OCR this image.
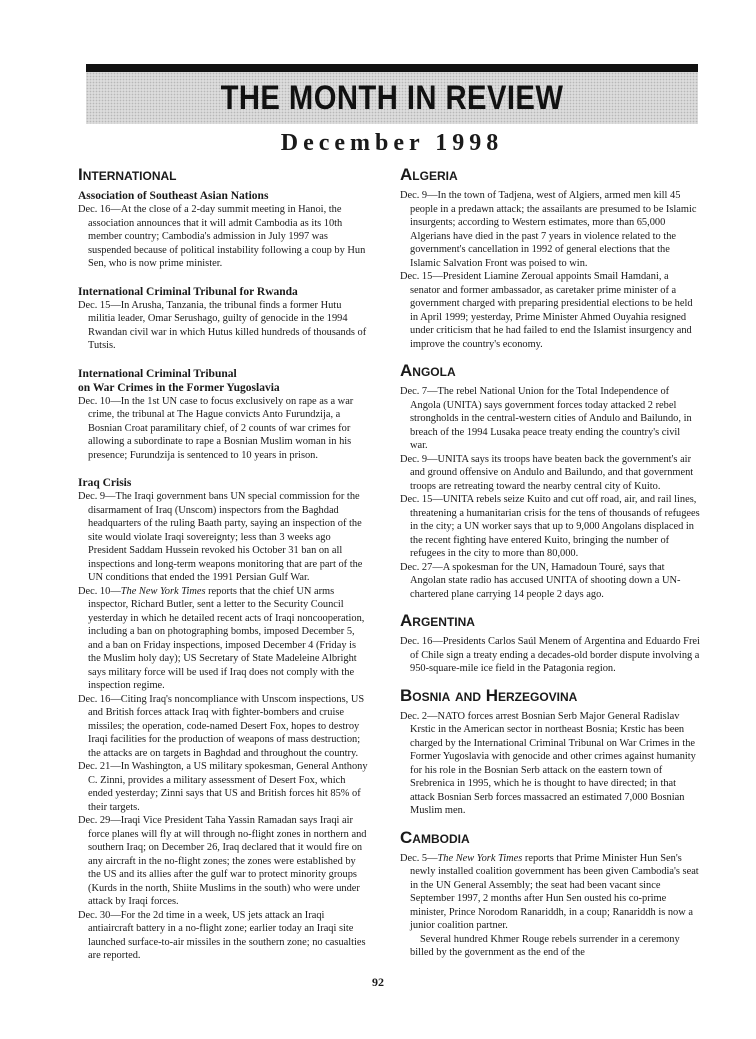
THE MONTH IN REVIEW
December 1998
International
Association of Southeast Asian Nations

Dec. 16—At the close of a 2-day summit meeting in Hanoi, the association announces that it will admit Cambodia as its 10th member country; Cambodia's admission in July 1997 was suspended because of political instability following a coup by Hun Sen, who is now prime minister.

International Criminal Tribunal for Rwanda

Dec. 15—In Arusha, Tanzania, the tribunal finds a former Hutu militia leader, Omar Serushago, guilty of genocide in the 1994 Rwandan civil war in which Hutus killed hundreds of thousands of Tutsis.

International Criminal Tribunal
on War Crimes in the Former Yugoslavia

Dec. 10—In the 1st UN case to focus exclusively on rape as a war crime, the tribunal at The Hague convicts Anto Furundzija, a Bosnian Croat paramilitary chief, of 2 counts of war crimes for allowing a subordinate to rape a Bosnian Muslim woman in his presence; Furundzija is sentenced to 10 years in prison.

Iraq Crisis

Dec. 9—The Iraqi government bans UN special commission for the disarmament of Iraq (Unscom) inspectors from the Baghdad headquarters of the ruling Baath party, saying an inspection of the site would violate Iraqi sovereignty; less than 3 weeks ago President Saddam Hussein revoked his October 31 ban on all inspections and long-term weapons monitoring that are part of the UN conditions that ended the 1991 Persian Gulf War.

Dec. 10—The New York Times reports that the chief UN arms inspector, Richard Butler, sent a letter to the Security Council yesterday in which he detailed recent acts of Iraqi noncooperation, including a ban on photographing bombs, imposed December 5, and a ban on Friday inspections, imposed December 4 (Friday is the Muslim holy day); US Secretary of State Madeleine Albright says military force will be used if Iraq does not comply with the inspection regime.

Dec. 16—Citing Iraq's noncompliance with Unscom inspections, US and British forces attack Iraq with fighter-bombers and cruise missiles; the operation, code-named Desert Fox, hopes to destroy Iraqi facilities for the production of weapons of mass destruction; the attacks are on targets in Baghdad and throughout the country.

Dec. 21—In Washington, a US military spokesman, General Anthony C. Zinni, provides a military assessment of Desert Fox, which ended yesterday; Zinni says that US and British forces hit 85% of their targets.

Dec. 29—Iraqi Vice President Taha Yassin Ramadan says Iraqi air force planes will fly at will through no-flight zones in northern and southern Iraq; on December 26, Iraq declared that it would fire on any aircraft in the no-flight zones; the zones were established by the US and its allies after the gulf war to protect minority groups (Kurds in the north, Shiite Muslims in the south) who were under attack by Iraqi forces.

Dec. 30—For the 2d time in a week, US jets attack an Iraqi antiaircraft battery in a no-flight zone; earlier today an Iraqi site launched surface-to-air missiles in the southern zone; no casualties are reported.

Algeria

Dec. 9—In the town of Tadjena, west of Algiers, armed men kill 45 people in a predawn attack; the assailants are presumed to be Islamic insurgents; according to Western estimates, more than 65,000 Algerians have died in the past 7 years in violence related to the government's cancellation in 1992 of general elections that the Islamic Salvation Front was poised to win.

Dec. 15—President Liamine Zeroual appoints Smail Hamdani, a senator and former ambassador, as caretaker prime minister of a government charged with preparing presidential elections to be held in April 1999; yesterday, Prime Minister Ahmed Ouyahia resigned under criticism that he had failed to end the Islamist insurgency and improve the country's economy.

Angola

Dec. 7—The rebel National Union for the Total Independence of Angola (UNITA) says government forces today attacked 2 rebel strongholds in the central-western cities of Andulo and Bailundo, in breach of the 1994 Lusaka peace treaty ending the country's civil war.

Dec. 9—UNITA says its troops have beaten back the government's air and ground offensive on Andulo and Bailundo, and that government troops are retreating toward the nearby central city of Kuito.

Dec. 15—UNITA rebels seize Kuito and cut off road, air, and rail lines, threatening a humanitarian crisis for the tens of thousands of refugees in the city; a UN worker says that up to 9,000 Angolans displaced in the recent fighting have entered Kuito, bringing the number of refugees in the city to more than 80,000.

Dec. 27—A spokesman for the UN, Hamadoun Touré, says that Angolan state radio has accused UNITA of shooting down a UN-chartered plane carrying 14 people 2 days ago.

Argentina

Dec. 16—Presidents Carlos Saúl Menem of Argentina and Eduardo Frei of Chile sign a treaty ending a decades-old border dispute involving a 950-square-mile ice field in the Patagonia region.

Bosnia and Herzegovina

Dec. 2—NATO forces arrest Bosnian Serb Major General Radislav Krstic in the American sector in northeast Bosnia; Krstic has been charged by the International Criminal Tribunal on War Crimes in the Former Yugoslavia with genocide and other crimes against humanity for his role in the Bosnian Serb attack on the eastern town of Srebrenica in 1995, which he is thought to have directed; in that attack Bosnian Serb forces massacred an estimated 7,000 Bosnian Muslim men.

Cambodia

Dec. 5—The New York Times reports that Prime Minister Hun Sen's newly installed coalition government has been given Cambodia's seat in the UN General Assembly; the seat had been vacant since September 1997, 2 months after Hun Sen ousted his co-prime minister, Prince Norodom Ranariddh, in a coup; Ranariddh is now a junior coalition partner.

Several hundred Khmer Rouge rebels surrender in a ceremony billed by the government as the end of the

92
